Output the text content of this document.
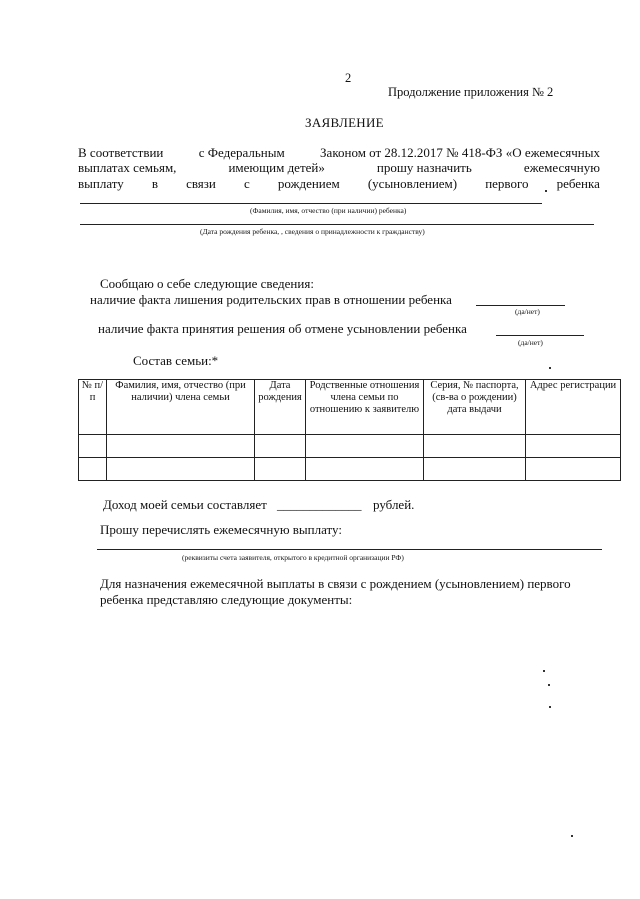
2
Продолжение приложения № 2
ЗАЯВЛЕНИЕ
В соответствии	с Федеральным	Законом от 28.12.2017 № 418-ФЗ «О ежемесячных
выплатах семьям,	имеющим детей»	прошу назначить	ежемесячную
выплату в связи с рождением (усыновлением) первого ребенка
(Фамилия, имя, отчество (при наличии) ребенка)
(Дата рождения ребенка, , сведения о принадлежности к гражданству)
Сообщаю о себе следующие сведения:
наличие факта лишения родительских прав в отношении ребенка
(да/нет)
наличие факта принятия решения об отмене усыновлении ребенка
(да/нет)
Состав семьи:*
№ п/п	Фамилия, имя, отчество (при наличии) члена семьи	Дата рождения	Родственные отношения члена семьи по отношению к заявителю	Серия, № паспорта, (св-ва о рождении) дата выдачи	Адрес регистрации

Доход моей семьи составляет _____________ рублей.
Прошу перечислять ежемесячную выплату:
(реквизиты счета заявителя, открытого в кредитной организации РФ)
Для назначения ежемесячной выплаты в связи с рождением (усыновлением) первого
ребенка представляю следующие документы:
